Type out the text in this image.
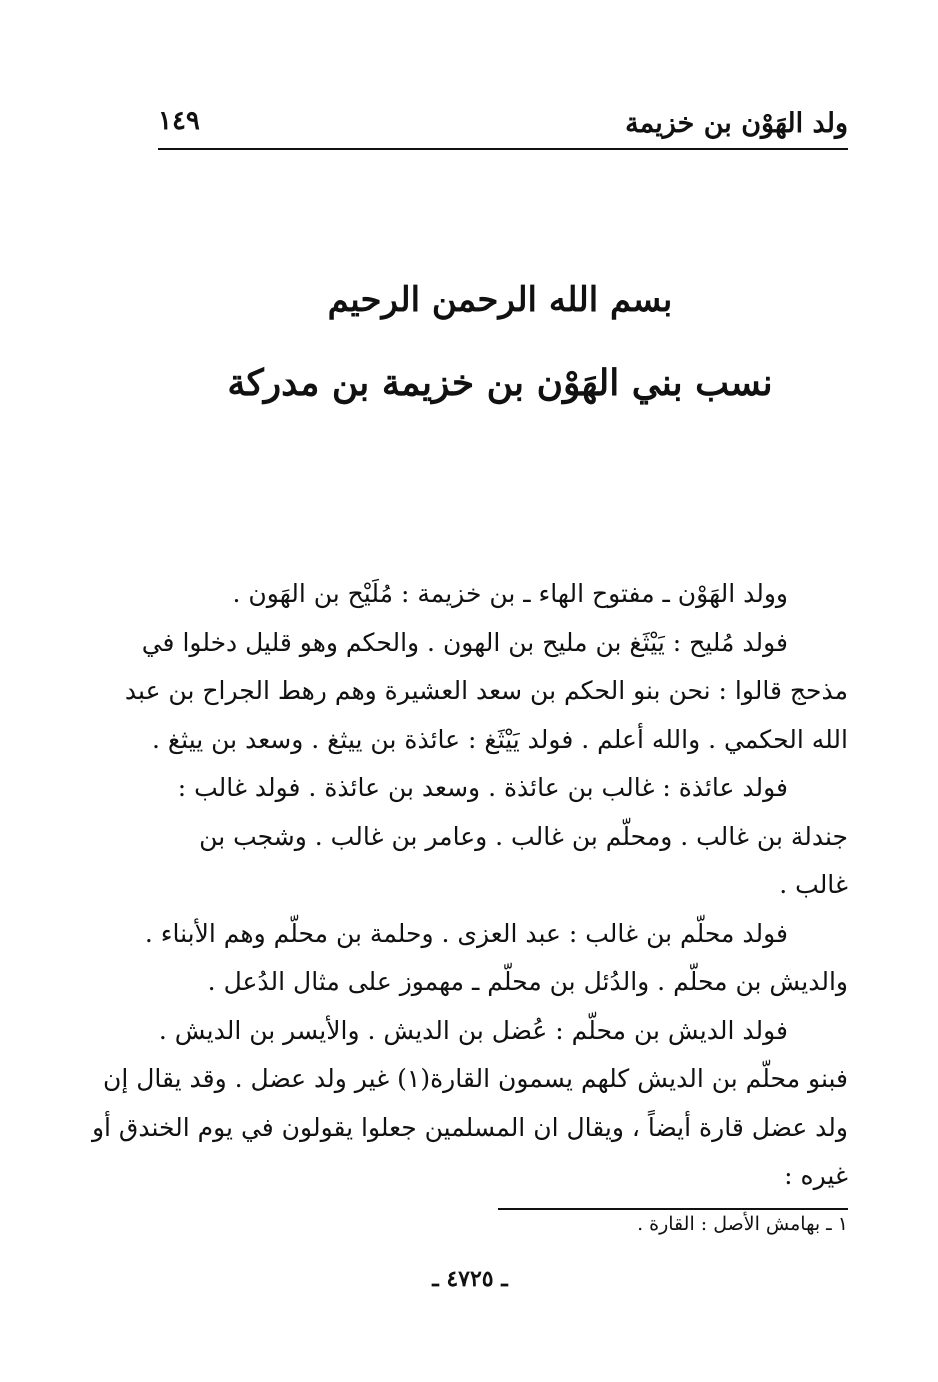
ولد الهَوْن بن خزيمة
١٤٩
بسم الله الرحمن الرحيم
نسب بني الهَوْن بن خزيمة بن مدركة
وولد الهَوْن ـ مفتوح الهاء ـ بن خزيمة : مُلَيْح بن الهَون .
فولد مُليح : يَيْثَغ بن مليح بن الهون . والحكم وهو قليل دخلوا في
مذحج قالوا : نحن بنو الحكم بن سعد العشيرة وهم رهط الجراح بن عبد
الله الحكمي . والله أعلم . فولد يَيْثَغ : عائذة بن ييثغ . وسعد بن ييثغ .
فولد عائذة : غالب بن عائذة . وسعد بن عائذة . فولد غالب :
جندلة بن غالب . ومحلّم بن غالب . وعامر بن غالب . وشجب بن
غالب .
فولد محلّم بن غالب : عبد العزى . وحلمة بن محلّم وهم الأبناء .
والديش بن محلّم . والدُئل بن محلّم ـ مهموز على مثال الدُعل .
فولد الديش بن محلّم : عُضل بن الديش . والأيسر بن الديش .
فبنو محلّم بن الديش كلهم يسمون القارة(١) غير ولد عضل . وقد يقال إن
ولد عضل قارة أيضاً ، ويقال ان المسلمين جعلوا يقولون في يوم الخندق أو
غيره :
١ ـ بهامش الأصل : القارة .
ـ ٤٧٢٥ ـ
